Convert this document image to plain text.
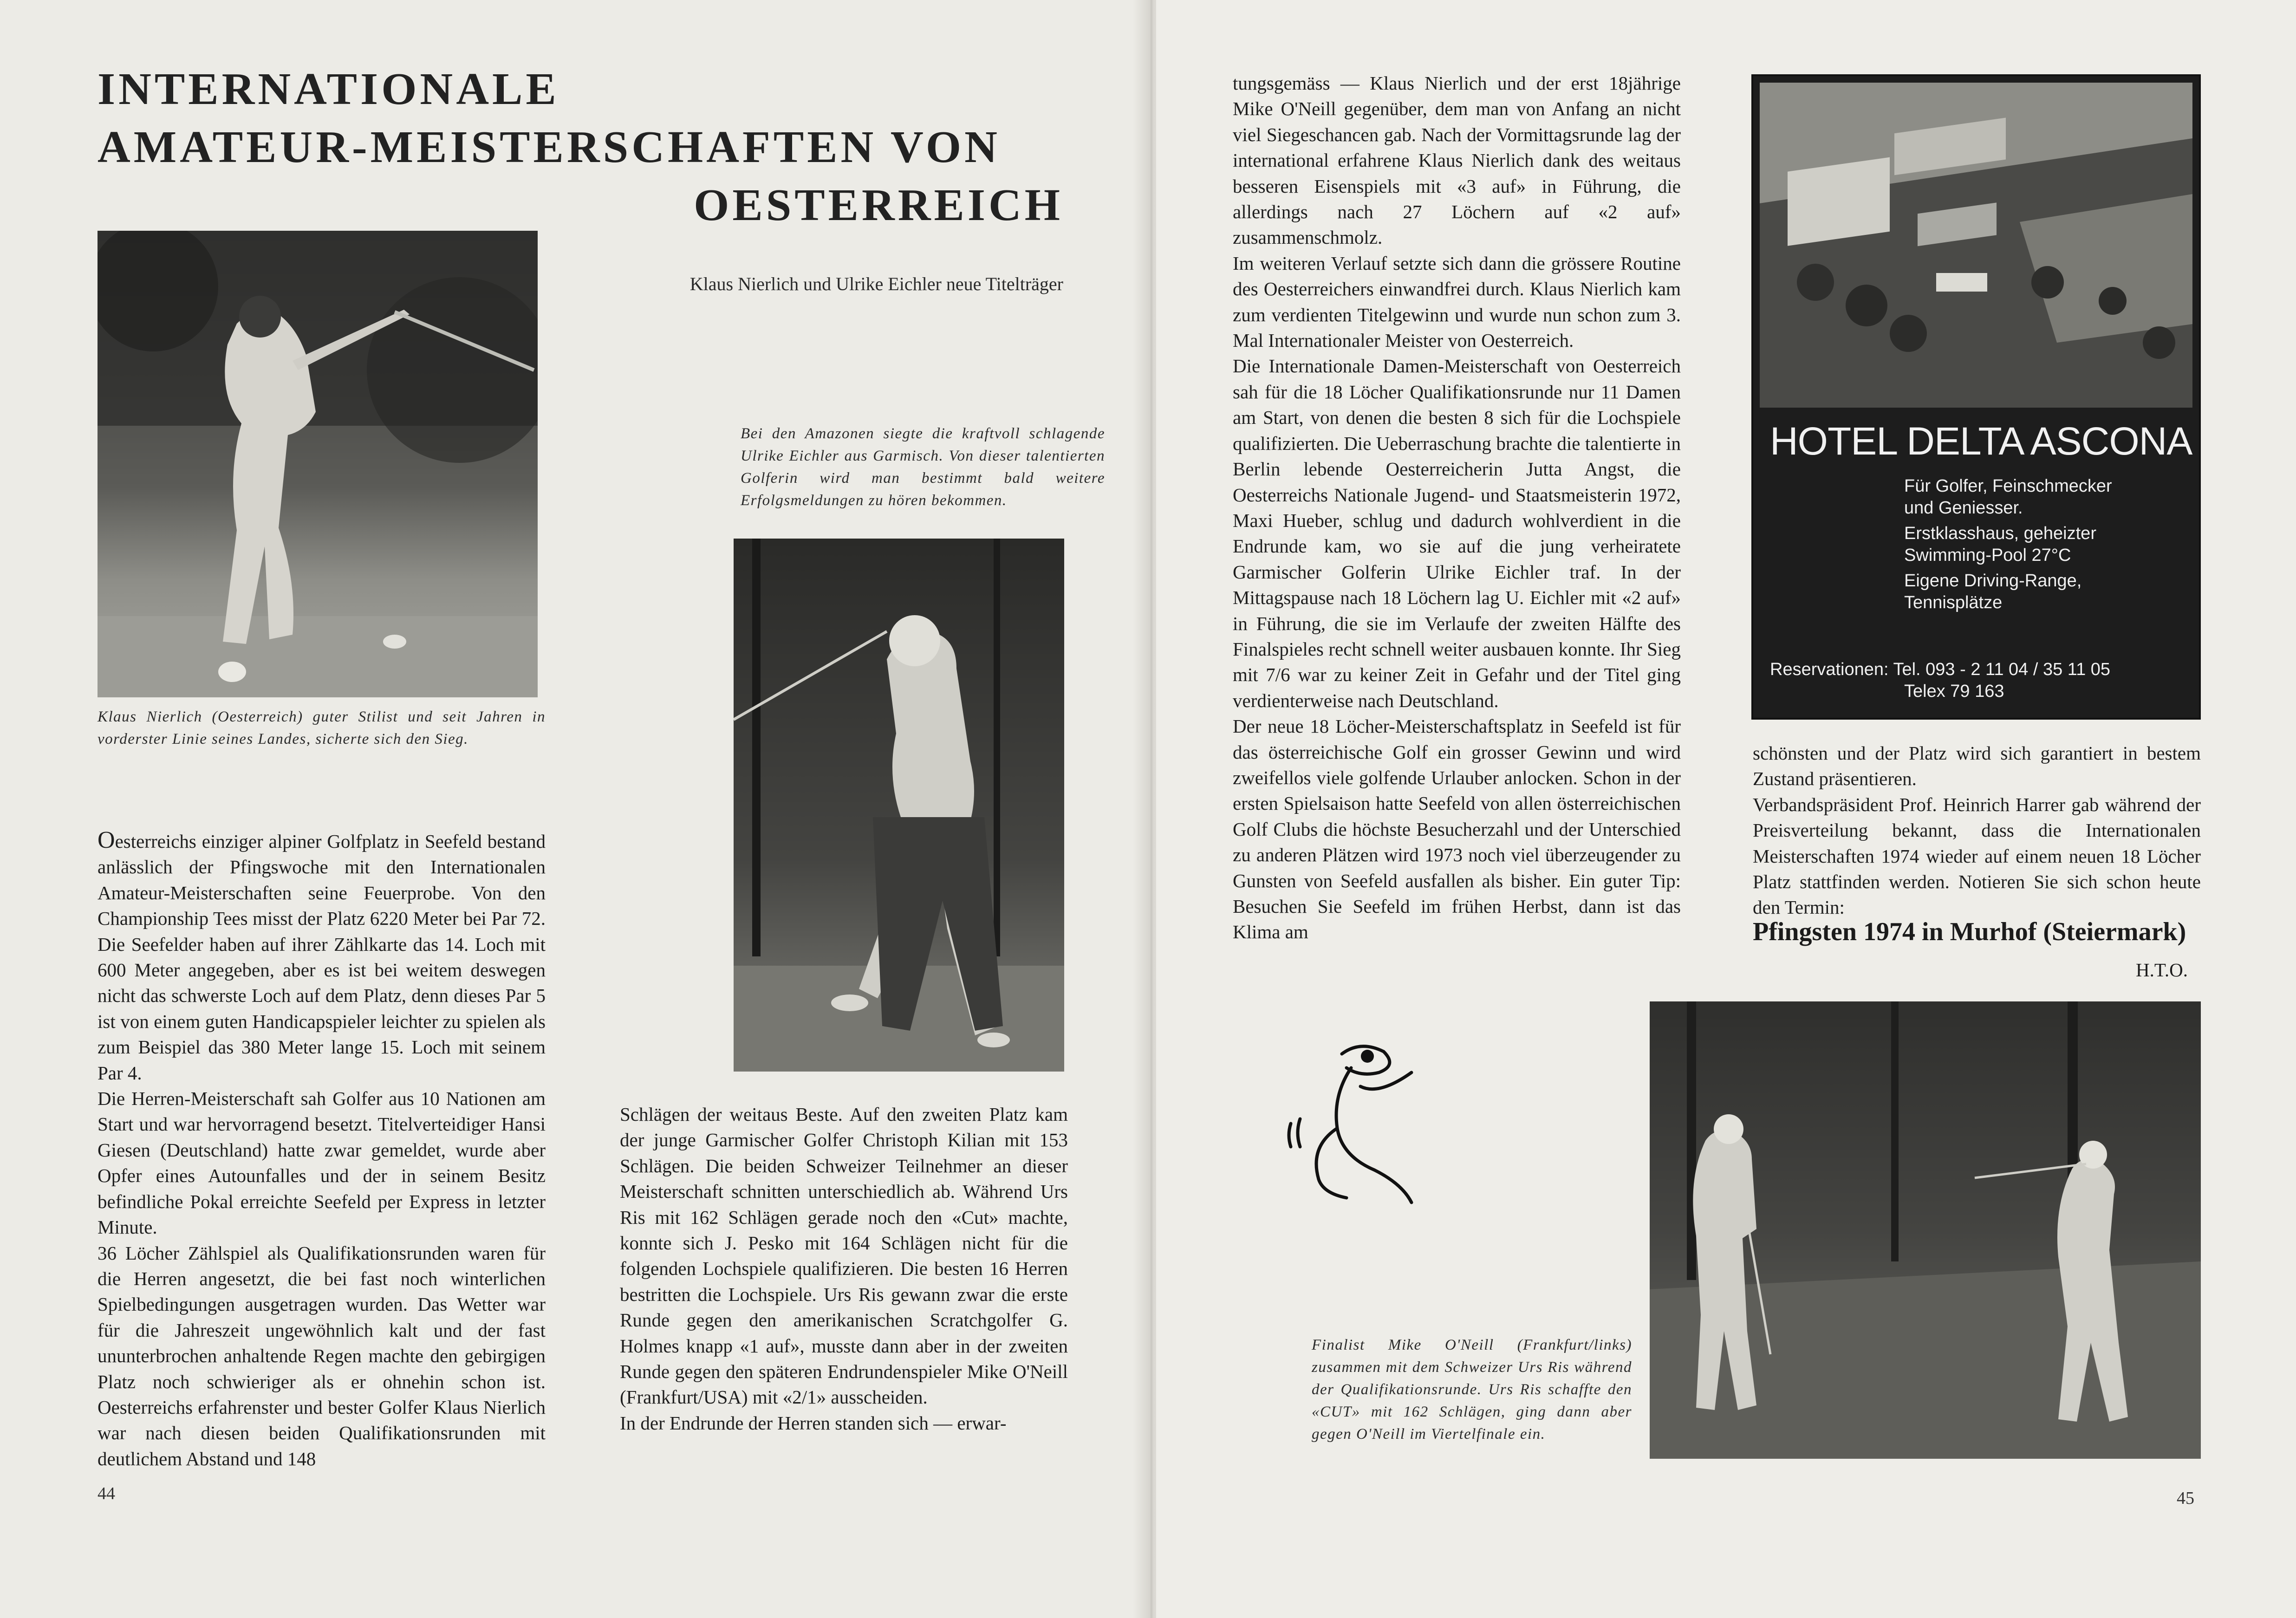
INTERNATIONALE
AMATEUR-MEISTERSCHAFTEN VON
OESTERREICH
Klaus Nierlich und Ulrike Eichler neue Titelträger
Klaus Nierlich (Oesterreich) guter Stilist und seit Jahren in vorderster Linie seines Landes, sicherte sich den Sieg.
Bei den Amazonen siegte die kraftvoll schlagende Ulrike Eichler aus Garmisch. Von dieser talentierten Golferin wird man bestimmt bald weitere Erfolgsmeldungen zu hören bekommen.

Oesterreichs einziger alpiner Golfplatz in Seefeld bestand anlässlich der Pfingswoche mit den Internationalen Amateur-Meisterschaften seine Feuerprobe. Von den Championship Tees misst der Platz 6220 Meter bei Par 72. Die Seefelder haben auf ihrer Zählkarte das 14. Loch mit 600 Meter angegeben, aber es ist bei weitem deswegen nicht das schwerste Loch auf dem Platz, denn dieses Par 5 ist von einem guten Handicapspieler leichter zu spielen als zum Beispiel das 380 Meter lange 15. Loch mit seinem Par 4.

Die Herren-Meisterschaft sah Golfer aus 10 Nationen am Start und war hervorragend besetzt. Titelverteidiger Hansi Giesen (Deutschland) hatte zwar gemeldet, wurde aber Opfer eines Autounfalles und der in seinem Besitz befindliche Pokal erreichte Seefeld per Express in letzter Minute.

36 Löcher Zählspiel als Qualifikationsrunden waren für die Herren angesetzt, die bei fast noch winterlichen Spielbedingungen ausgetragen wurden. Das Wetter war für die Jahreszeit ungewöhnlich kalt und der fast ununterbrochen anhaltende Regen machte den gebirgigen Platz noch schwieriger als er ohnehin schon ist. Oesterreichs erfahrenster und bester Golfer Klaus Nierlich war nach diesen beiden Qualifikationsrunden mit deutlichem Abstand und 148

Schlägen der weitaus Beste. Auf den zweiten Platz kam der junge Garmischer Golfer Christoph Kilian mit 153 Schlägen. Die beiden Schweizer Teilnehmer an dieser Meisterschaft schnitten unterschiedlich ab. Während Urs Ris mit 162 Schlägen gerade noch den «Cut» machte, konnte sich J. Pesko mit 164 Schlägen nicht für die folgenden Lochspiele qualifizieren. Die besten 16 Herren bestritten die Lochspiele. Urs Ris gewann zwar die erste Runde gegen den amerikanischen Scratchgolfer G. Holmes knapp «1 auf», musste dann aber in der zweiten Runde gegen den späteren Endrundenspieler Mike O'Neill (Frankfurt/USA) mit «2/1» ausscheiden.

In der Endrunde der Herren standen sich — erwar-

44

tungsgemäss — Klaus Nierlich und der erst 18jährige Mike O'Neill gegenüber, dem man von Anfang an nicht viel Siegeschancen gab. Nach der Vormittagsrunde lag der international erfahrene Klaus Nierlich dank des weitaus besseren Eisenspiels mit «3 auf» in Führung, die allerdings nach 27 Löchern auf «2 auf» zusammenschmolz.

Im weiteren Verlauf setzte sich dann die grössere Routine des Oesterreichers einwandfrei durch. Klaus Nierlich kam zum verdienten Titelgewinn und wurde nun schon zum 3. Mal Internationaler Meister von Oesterreich.

Die Internationale Damen-Meisterschaft von Oesterreich sah für die 18 Löcher Qualifikationsrunde nur 11 Damen am Start, von denen die besten 8 sich für die Lochspiele qualifizierten. Die Ueberraschung brachte die talentierte in Berlin lebende Oesterreicherin Jutta Angst, die Oesterreichs Nationale Jugend- und Staatsmeisterin 1972, Maxi Hueber, schlug und dadurch wohlverdient in die Endrunde kam, wo sie auf die jung verheiratete Garmischer Golferin Ulrike Eichler traf. In der Mittagspause nach 18 Löchern lag U. Eichler mit «2 auf» in Führung, die sie im Verlaufe der zweiten Hälfte des Finalspieles recht schnell weiter ausbauen konnte. Ihr Sieg mit 7/6 war zu keiner Zeit in Gefahr und der Titel ging verdienterweise nach Deutschland.

Der neue 18 Löcher-Meisterschaftsplatz in Seefeld ist für das österreichische Golf ein grosser Gewinn und wird zweifellos viele golfende Urlauber anlocken. Schon in der ersten Spielsaison hatte Seefeld von allen österreichischen Golf Clubs die höchste Besucherzahl und der Unterschied zu anderen Plätzen wird 1973 noch viel überzeugender zu Gunsten von Seefeld ausfallen als bisher. Ein guter Tip: Besuchen Sie Seefeld im frühen Herbst, dann ist das Klima am

HOTEL DELTA ASCONA
Für Golfer, Feinschmecker
und Geniesser.
Erstklasshaus, geheizter
Swimming-Pool 27°C
Eigene Driving-Range,
Tennisplätze
Reservationen: Tel. 093 - 2 11 04 / 35 11 05
Telex 79 163

schönsten und der Platz wird sich garantiert in bestem Zustand präsentieren.

Verbandspräsident Prof. Heinrich Harrer gab während der Preisverteilung bekannt, dass die Internationalen Meisterschaften 1974 wieder auf einem neuen 18 Löcher Platz stattfinden werden. Notieren Sie sich schon heute den Termin:

Pfingsten 1974 in Murhof (Steiermark)
H.T.O.
Finalist Mike O'Neill (Frankfurt/links) zusammen mit dem Schweizer Urs Ris während der Qualifikationsrunde. Urs Ris schaffte den «CUT» mit 162 Schlägen, ging dann aber gegen O'Neill im Viertelfinale ein.
45
